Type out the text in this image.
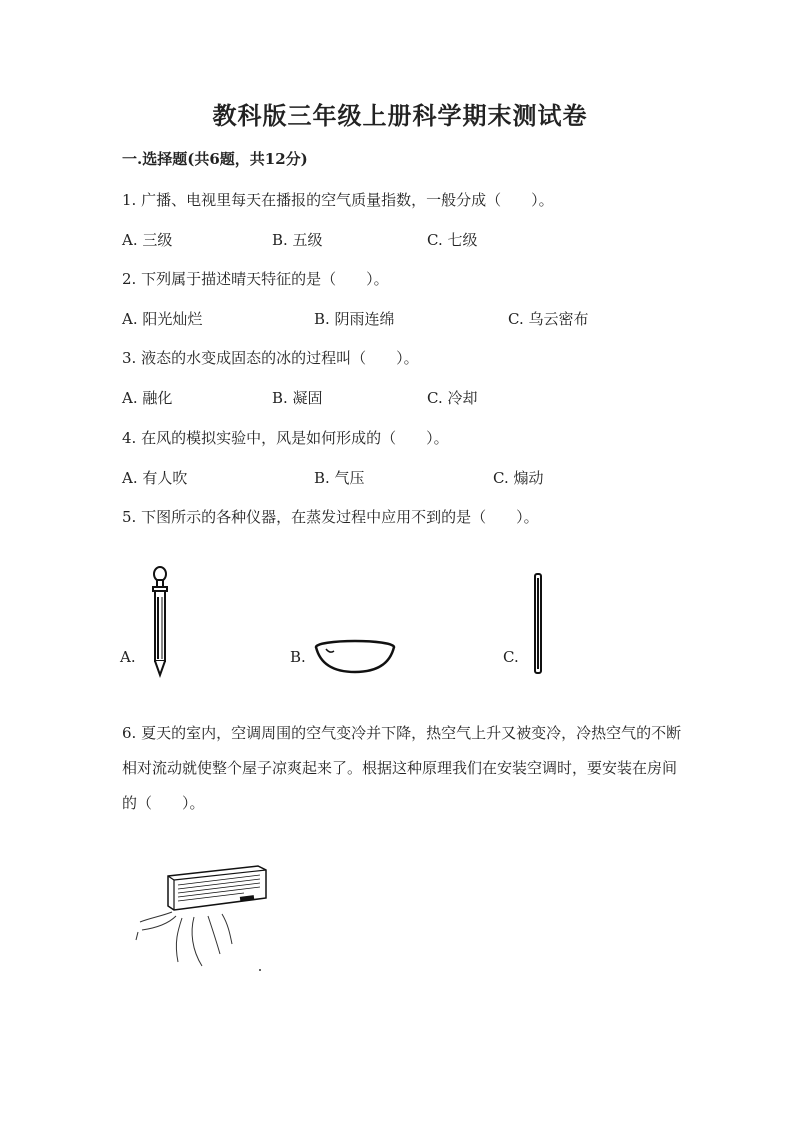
教科版三年级上册科学期末测试卷
一.选择题(共6题，共12分)
1. 广播、电视里每天在播报的空气质量指数，一般分成（　　）。
A. 三级	B. 五级	C. 七级
2. 下列属于描述晴天特征的是（　　）。
A. 阳光灿烂	B. 阴雨连绵	C. 乌云密布
3. 液态的水变成固态的冰的过程叫（　　）。
A. 融化	B. 凝固	C. 冷却
4. 在风的模拟实验中，风是如何形成的（　　）。
A. 有人吹	B. 气压	C. 煽动
5. 下图所示的各种仪器，在蒸发过程中应用不到的是（　　）。
A.	B.	C.
6. 夏天的室内，空调周围的空气变冷并下降，热空气上升又被变冷，冷热空气的不断相对流动就使整个屋子凉爽起来了。根据这种原理我们在安装空调时，要安装在房间的（　　）。
